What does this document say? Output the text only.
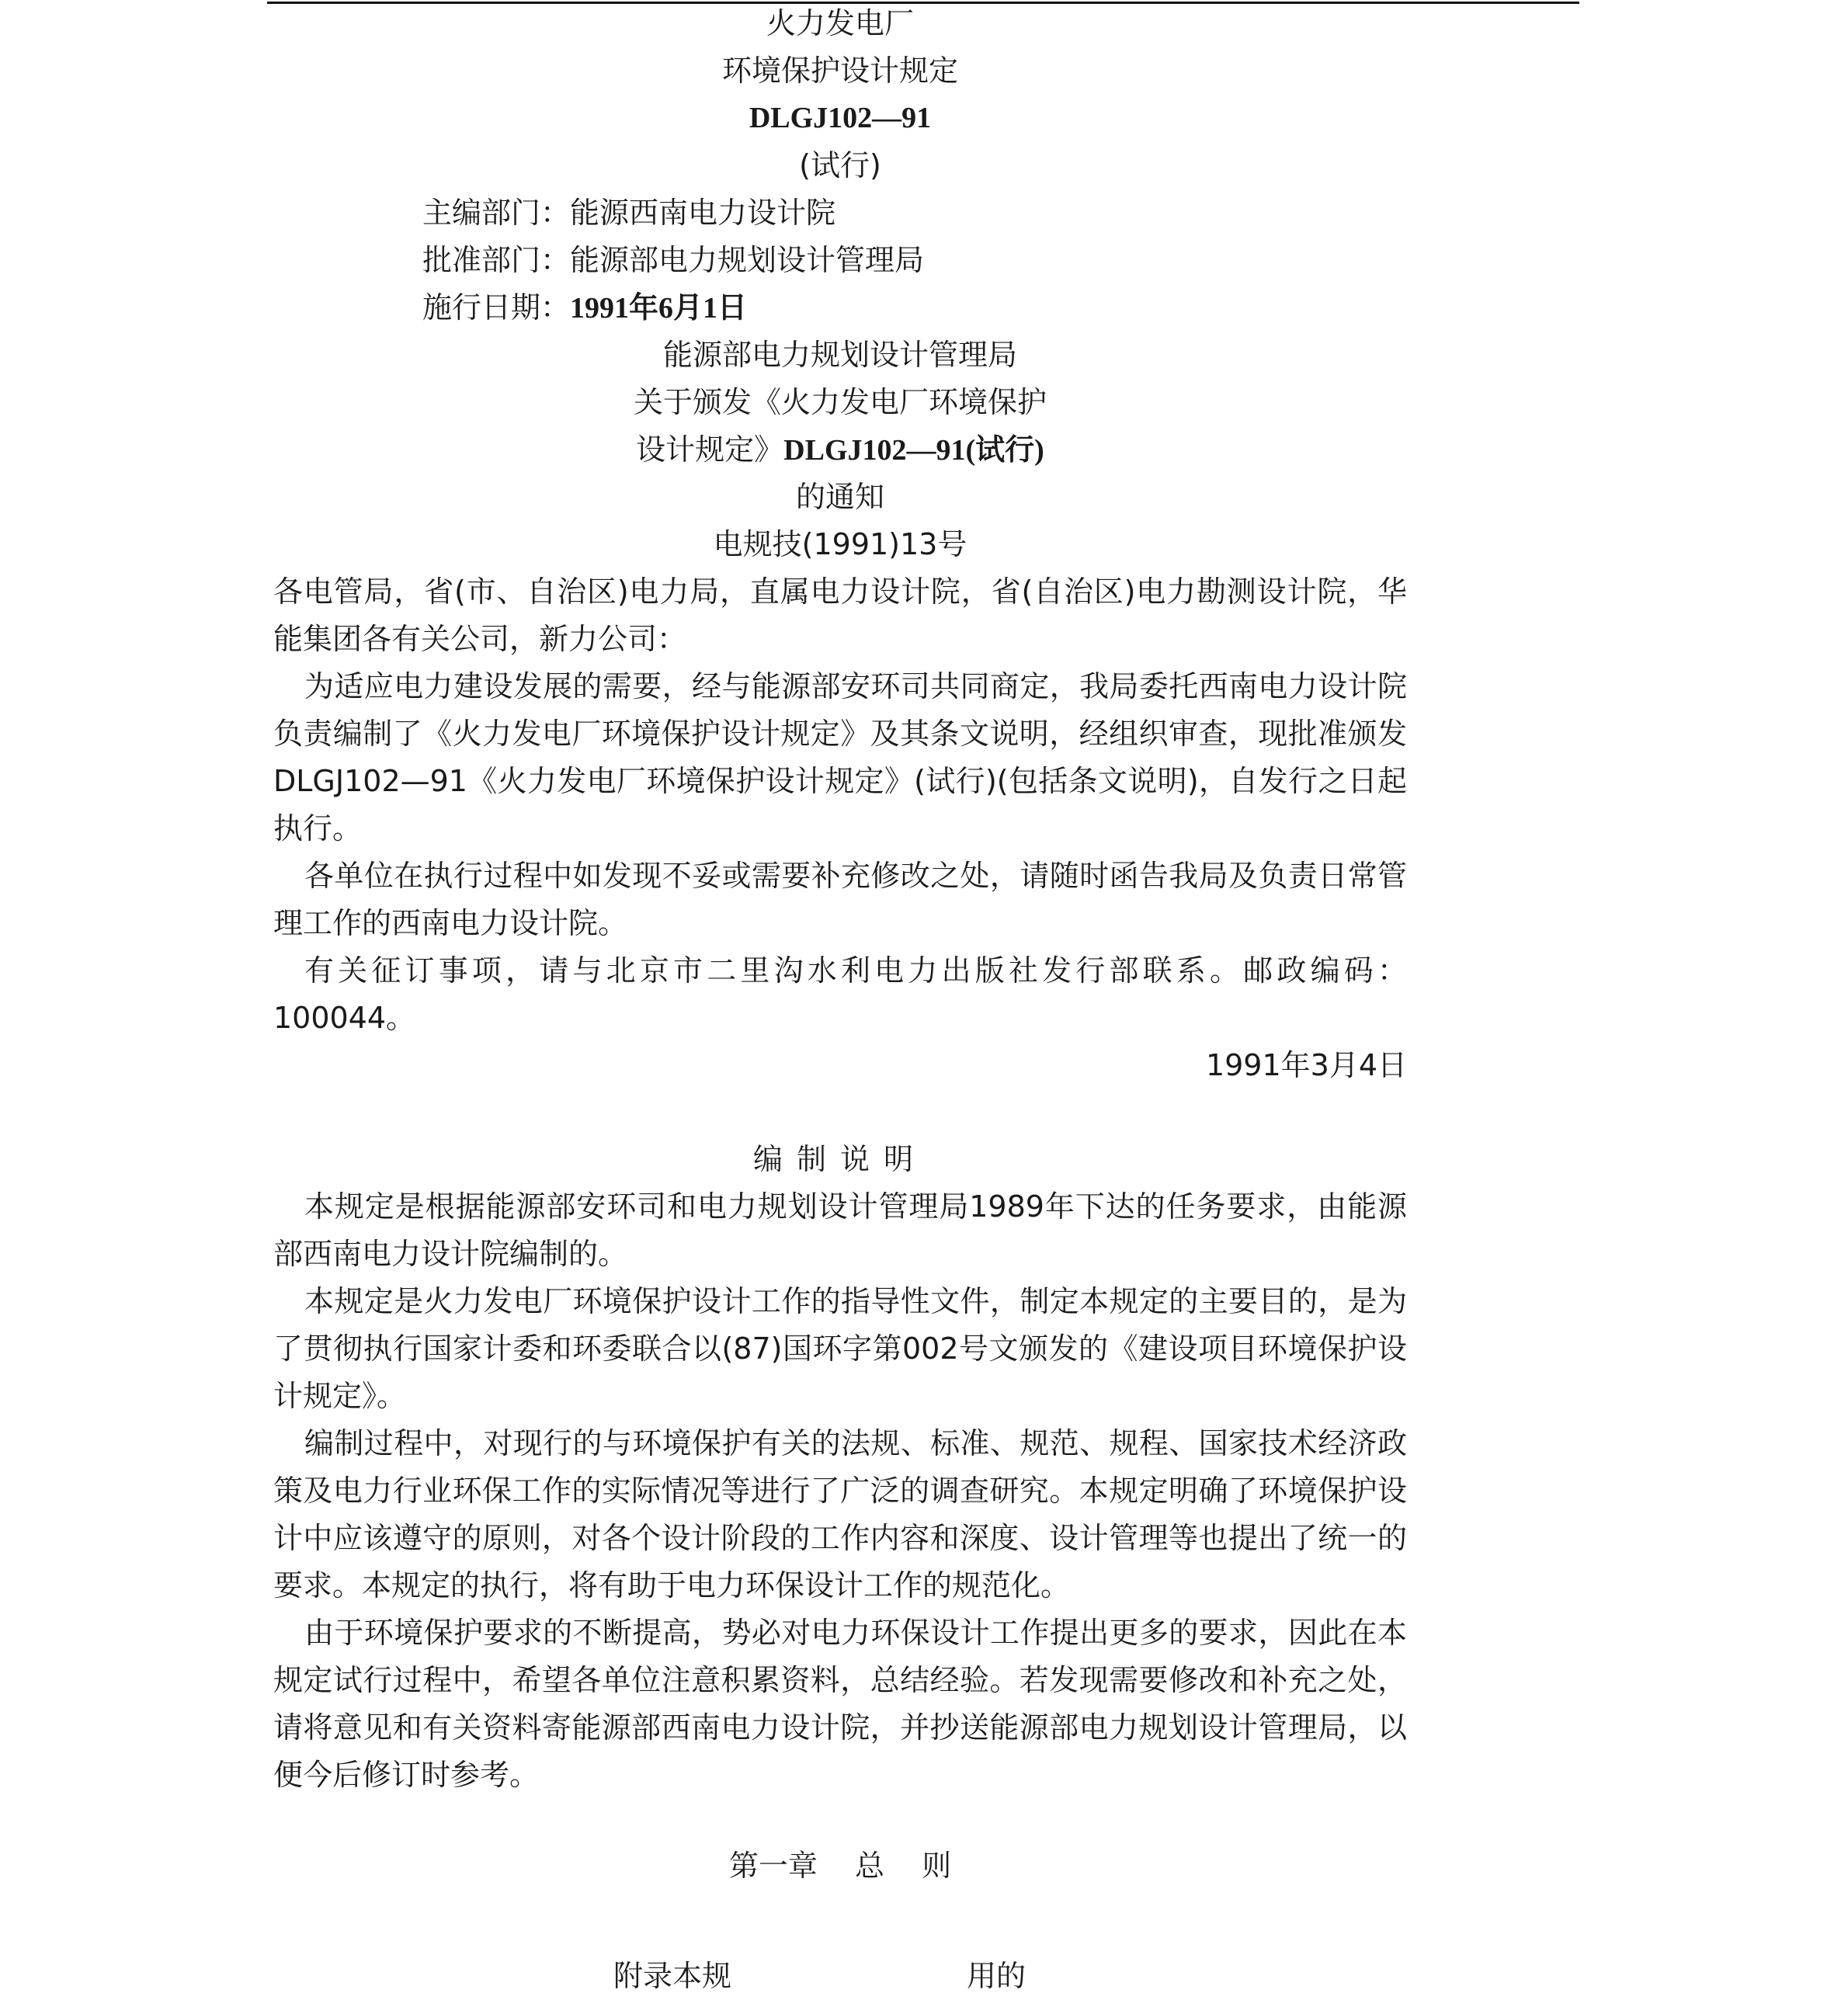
火力发电厂
环境保护设计规定
DLGJ102—91
(试行)
主编部门：能源西南电力设计院
批准部门：能源部电力规划设计管理局
施行日期：1991年6月1日
能源部电力规划设计管理局
关于颁发《火力发电厂环境保护
设计规定》DLGJ102—91(试行)
的通知
电规技(1991)13号
各电管局，省(市、自治区)电力局，直属电力设计院，省(自治区)电力勘测设计院，华能集团各有关公司，新力公司：
为适应电力建设发展的需要，经与能源部安环司共同商定，我局委托西南电力设计院负责编制了《火力发电厂环境保护设计规定》及其条文说明，经组织审查，现批准颁发DLGJ102—91《火力发电厂环境保护设计规定》(试行)(包括条文说明)，自发行之日起执行。
各单位在执行过程中如发现不妥或需要补充修改之处，请随时函告我局及负责日常管理工作的西南电力设计院。
有关征订事项，请与北京市二里沟水利电力出版社发行部联系。邮政编码：100044。
1991年3月4日
编制说明
本规定是根据能源部安环司和电力规划设计管理局1989年下达的任务要求，由能源部西南电力设计院编制的。
本规定是火力发电厂环境保护设计工作的指导性文件，制定本规定的主要目的，是为了贯彻执行国家计委和环委联合以(87)国环字第002号文颁发的《建设项目环境保护设计规定》。
编制过程中，对现行的与环境保护有关的法规、标准、规范、规程、国家技术经济政策及电力行业环保工作的实际情况等进行了广泛的调查研究。本规定明确了环境保护设计中应该遵守的原则，对各个设计阶段的工作内容和深度、设计管理等也提出了统一的要求。本规定的执行，将有助于电力环保设计工作的规范化。
由于环境保护要求的不断提高，势必对电力环保设计工作提出更多的要求，因此在本规定试行过程中，希望各单位注意积累资料，总结经验。若发现需要修改和补充之处，请将意见和有关资料寄能源部西南电力设计院，并抄送能源部电力规划设计管理局，以便今后修订时参考。
第一章 总 则
附录本规	用的
